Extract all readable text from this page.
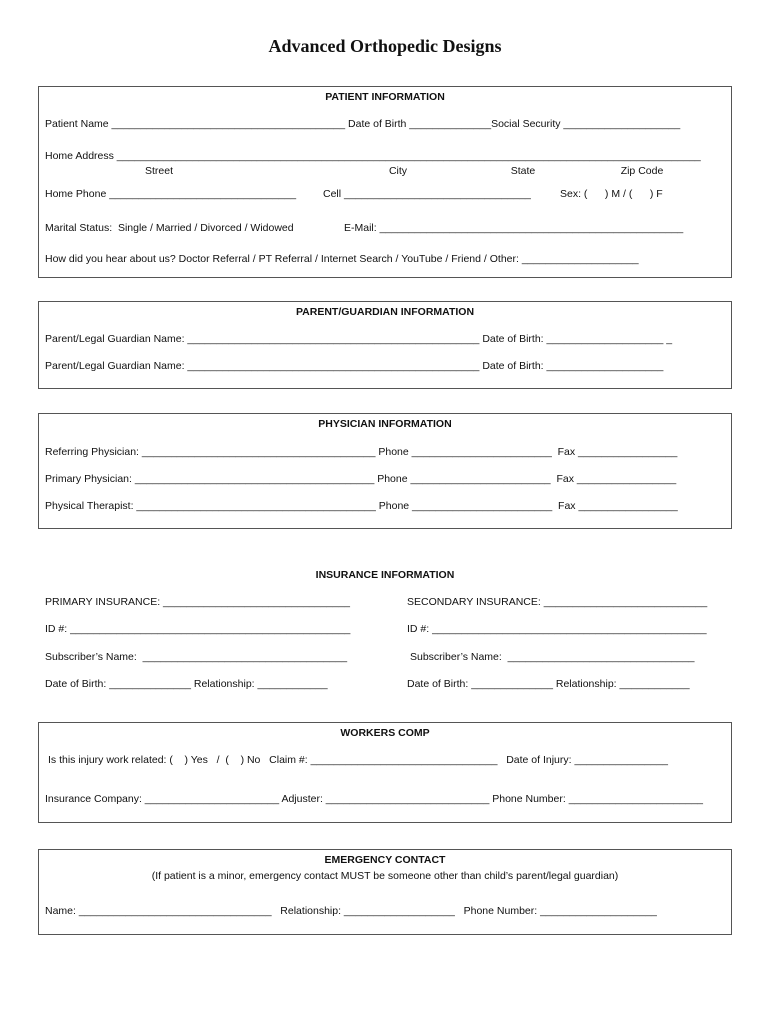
Advanced Orthopedic Designs
PATIENT INFORMATION
Patient Name ________________________________________ Date of Birth ______________Social Security ____________________
Home Address ____________________________________________________________________________________________________
Street	City	State	Zip Code
Home Phone ________________________________	Cell ________________________________	Sex: (      ) M / (      ) F
Marital Status:  Single / Married / Divorced / Widowed	E-Mail: ____________________________________________________
How did you hear about us? Doctor Referral / PT Referral / Internet Search / YouTube / Friend / Other: ____________________
PARENT/GUARDIAN INFORMATION
Parent/Legal Guardian Name: __________________________________________________ Date of Birth: ____________________ _
Parent/Legal Guardian Name: __________________________________________________ Date of Birth: ____________________
PHYSICIAN INFORMATION
Referring Physician: ________________________________________ Phone ________________________  Fax _________________
Primary Physician: _________________________________________ Phone ________________________  Fax _________________
Physical Therapist: _________________________________________ Phone ________________________  Fax _________________
INSURANCE INFORMATION
PRIMARY INSURANCE: ________________________________	SECONDARY INSURANCE: ____________________________
ID #: ________________________________________________	ID #: _______________________________________________
Subscriber’s Name:  ___________________________________	Subscriber’s Name:  ________________________________
Date of Birth: ______________ Relationship: ____________	Date of Birth: ______________ Relationship: ____________
WORKERS COMP
Is this injury work related: (    ) Yes   /  (    ) No   Claim #: ________________________________   Date of Injury: ________________
Insurance Company: _______________________ Adjuster: ____________________________ Phone Number: _______________________
EMERGENCY CONTACT
(If patient is a minor, emergency contact MUST be someone other than child’s parent/legal guardian)
Name: _________________________________   Relationship: ___________________   Phone Number: ____________________
